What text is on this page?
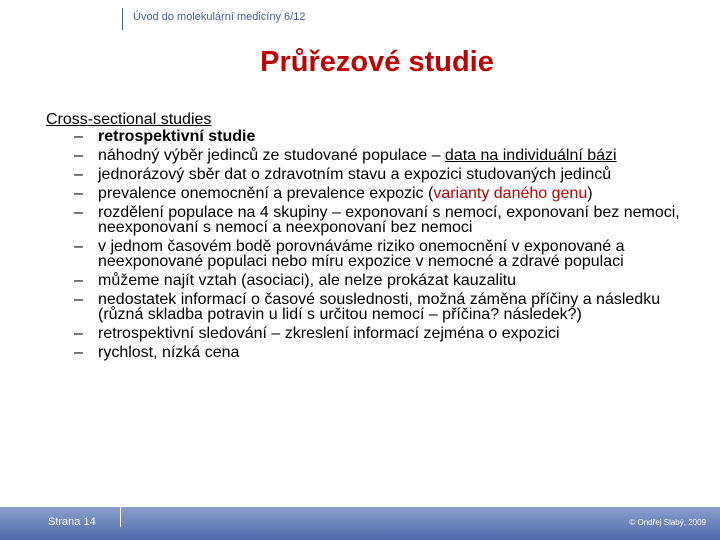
Úvod do molekulární medicíny 6/12
Průřezové studie
Cross-sectional studies
– retrospektivní studie
– náhodný výběr jedinců ze studované populace – data na individuální bázi
– jednorázový sběr dat o zdravotním stavu a expozici studovaných jedinců
– prevalence onemocnění a prevalence expozic (varianty daného genu)
– rozdělení populace na 4 skupiny – exponovaní s nemocí, exponovaní bez nemoci, neexponovaní s nemocí a neexponovaní bez nemoci
– v jednom časovém bodě porovnáváme riziko onemocnění v exponované a neexponované populaci nebo míru expozice v nemocné a zdravé populaci
– můžeme najít vztah (asociaci), ale nelze prokázat kauzalitu
– nedostatek informací o časové souslednosti, možná záměna příčiny a následku (různá skladba potravin u lidí s určitou nemocí – příčina? následek?)
– retrospektivní sledování – zkreslení informací zejména o expozici
– rychlost, nízká cena
Strana 14	© Ondřej Slabý, 2009
